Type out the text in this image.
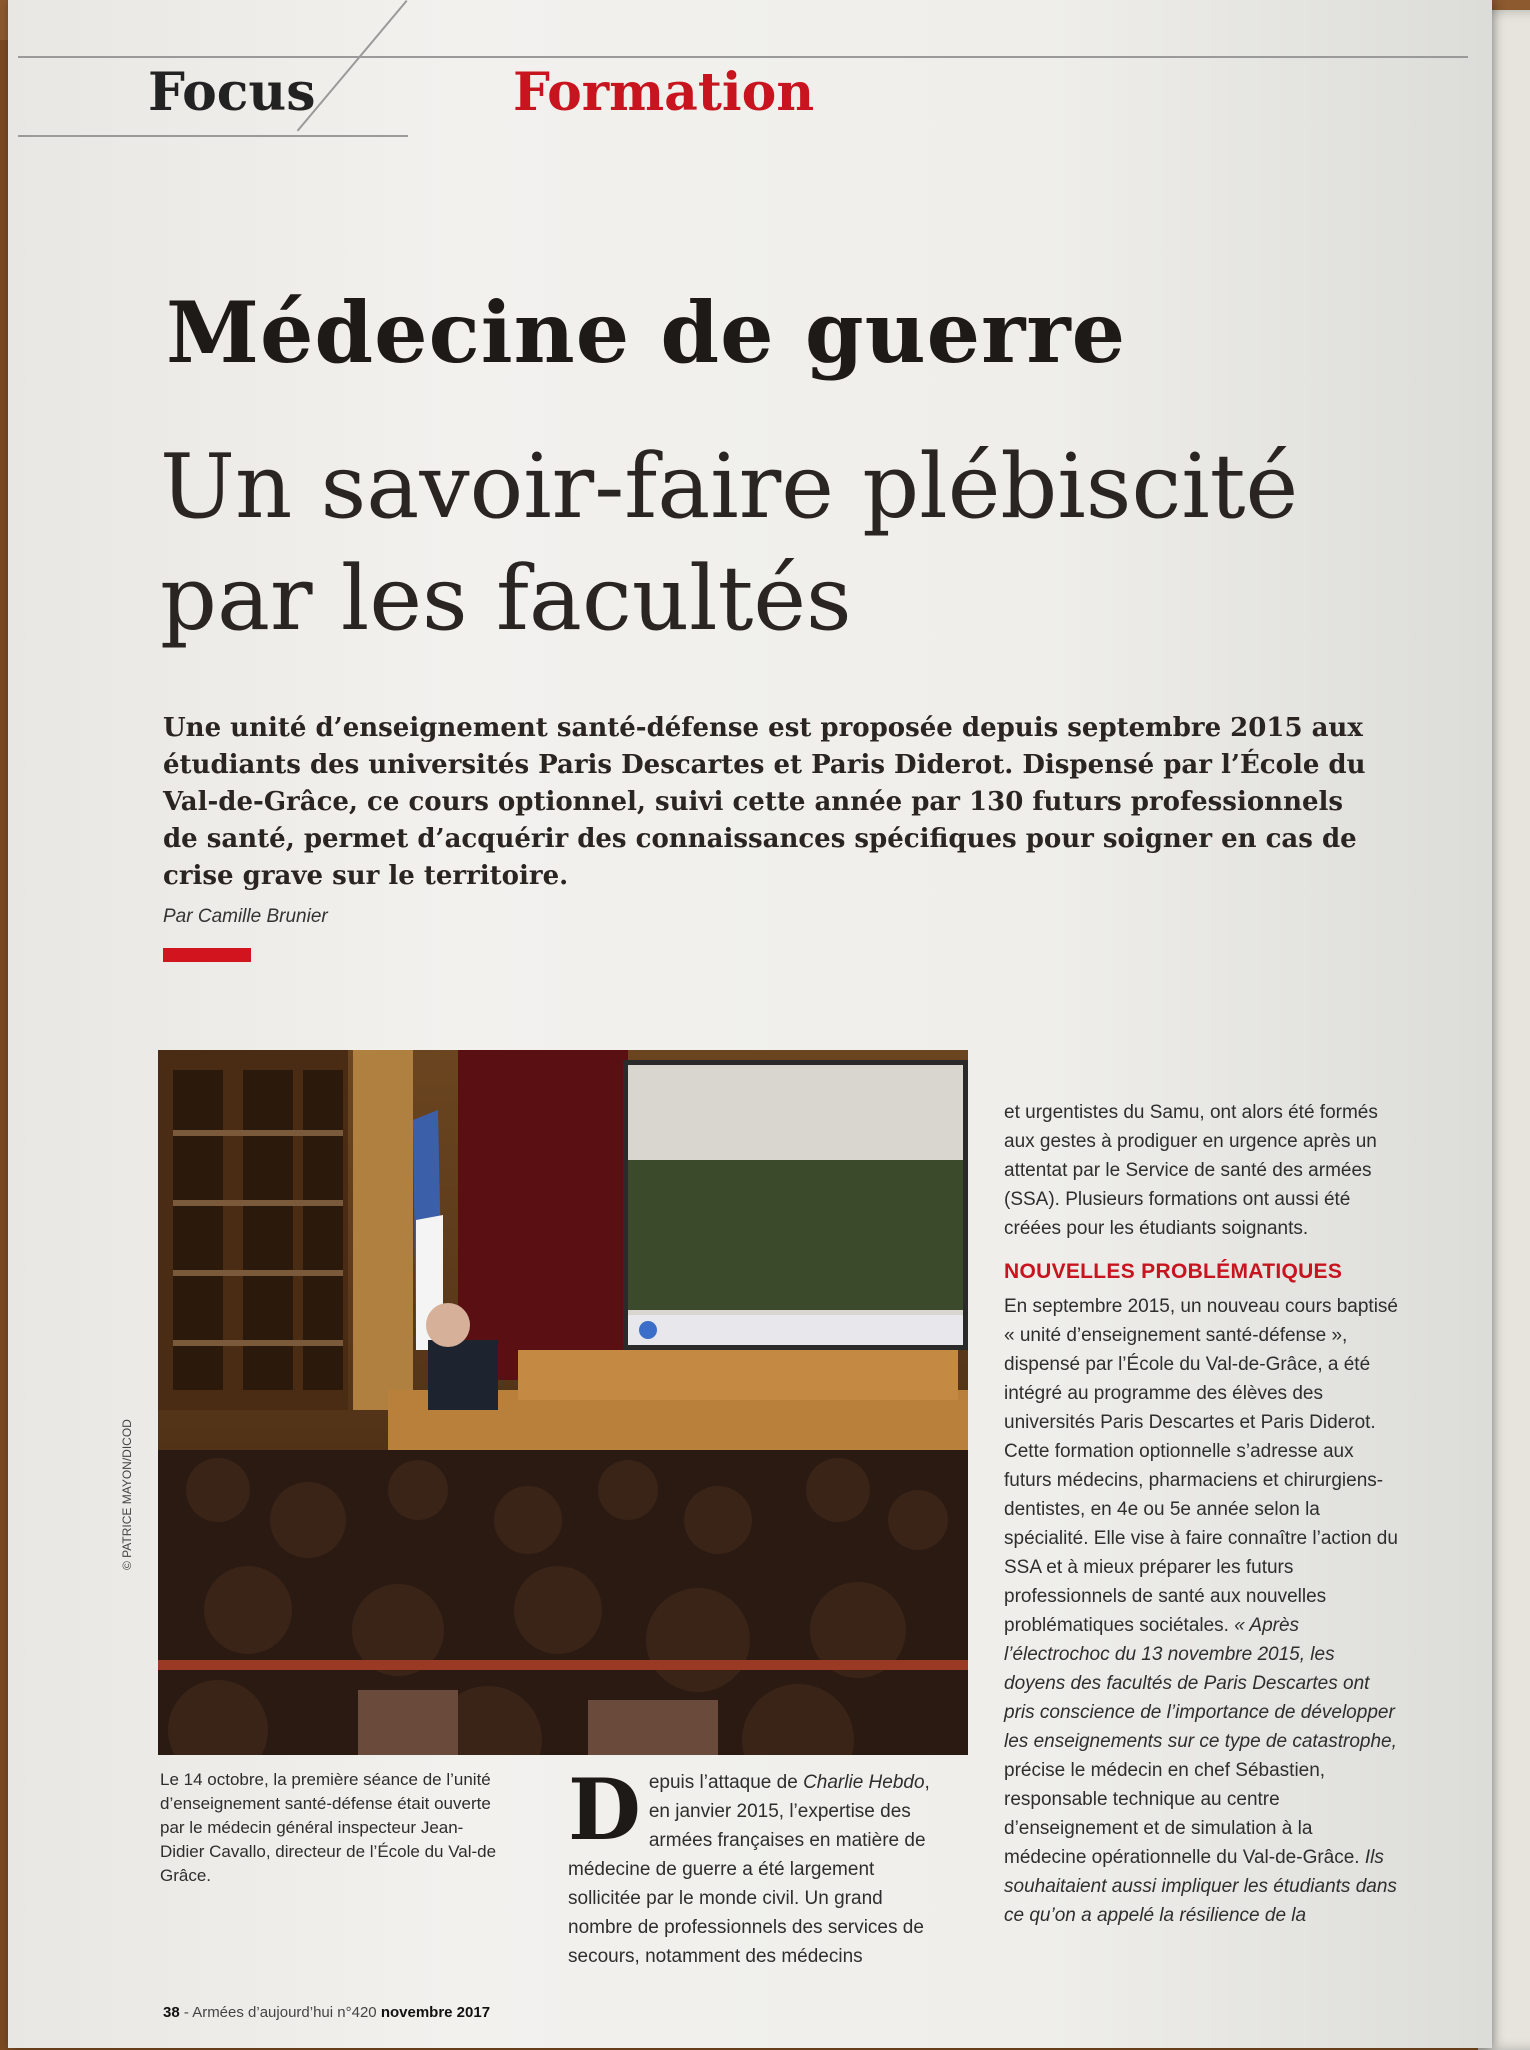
Focus	Formation
Médecine de guerre
Un savoir-faire plébiscité
par les facultés
Une unité d’enseignement santé-défense est proposée depuis septembre 2015 aux étudiants des universités Paris Descartes et Paris Diderot. Dispensé par l’École du Val-de-Grâce, ce cours optionnel, suivi cette année par 130 futurs professionnels de santé, permet d’acquérir des connaissances spécifiques pour soigner en cas de crise grave sur le territoire.
Par Camille Brunier
© PATRICE MAYON/DICOD
Le 14 octobre, la première séance de l’unité d’enseignement santé-défense était ouverte par le médecin général inspecteur Jean-Didier Cavallo, directeur de l’École du Val-de Grâce.
Depuis l’attaque de Charlie Hebdo, en janvier 2015, l’expertise des armées françaises en matière de médecine de guerre a été largement sollicitée par le monde civil. Un grand nombre de professionnels des services de secours, notamment des médecins
et urgentistes du Samu, ont alors été formés aux gestes à prodiguer en urgence après un attentat par le Service de santé des armées (SSA). Plusieurs formations ont aussi été créées pour les étudiants soignants.
NOUVELLES PROBLÉMATIQUES
En septembre 2015, un nouveau cours baptisé « unité d’enseignement santé-défense », dispensé par l’École du Val-de-Grâce, a été intégré au programme des élèves des universités Paris Descartes et Paris Diderot. Cette formation optionnelle s’adresse aux futurs médecins, pharmaciens et chirurgiens-dentistes, en 4e ou 5e année selon la spécialité. Elle vise à faire connaître l’action du SSA et à mieux préparer les futurs professionnels de santé aux nouvelles problématiques sociétales. « Après l’électrochoc du 13 novembre 2015, les doyens des facultés de Paris Descartes ont pris conscience de l’importance de développer les enseignements sur ce type de catastrophe, précise le médecin en chef Sébastien, responsable technique au centre d’enseignement et de simulation à la médecine opérationnelle du Val-de-Grâce. Ils souhaitaient aussi impliquer les étudiants dans ce qu’on a appelé la résilience de la
38 - Armées d’aujourd’hui n°420 novembre 2017
